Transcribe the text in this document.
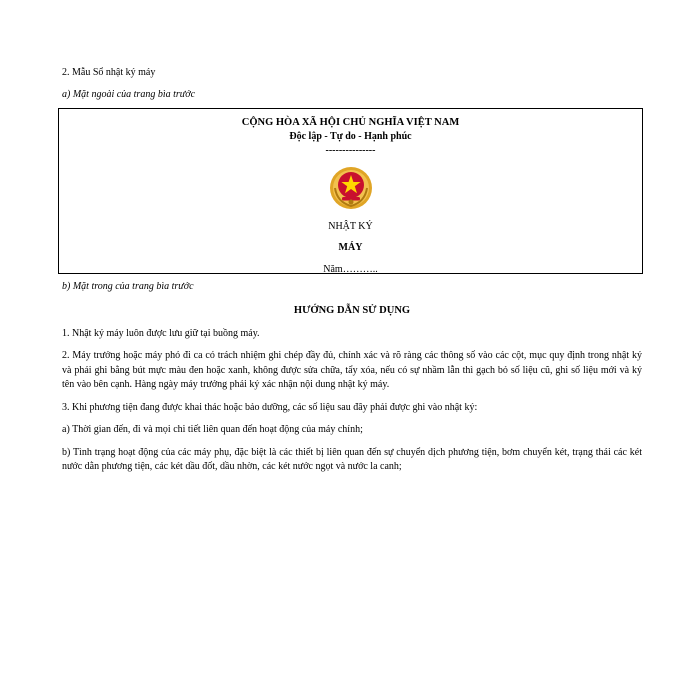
2. Mẫu Sổ nhật ký máy
a) Mặt ngoài của trang bìa trước
CỘNG HÒA XÃ HỘI CHỦ NGHĨA VIỆT NAM
Độc lập - Tự do - Hạnh phúc
---------------
NHẬT KÝ
MÁY
Năm………..
b) Mặt trong của trang bìa trước
HƯỚNG DẪN SỬ DỤNG
1. Nhật ký máy luôn được lưu giữ tại buồng máy.
2. Máy trưởng hoặc máy phó đi ca có trách nhiệm ghi chép đầy đủ, chính xác và rõ ràng các thông số vào các cột, mục quy định trong nhật ký và phải ghi bằng bút mực màu đen hoặc xanh, không được sửa chữa, tẩy xóa, nếu có sự nhầm lẫn thì gạch bỏ số liệu cũ, ghi số liệu mới và ký tên vào bên cạnh. Hàng ngày máy trưởng phải ký xác nhận nội dung nhật ký máy.
3. Khi phương tiện đang được khai thác hoặc bảo dưỡng, các số liệu sau đây phải được ghi vào nhật ký:
a) Thời gian đến, đi và mọi chi tiết liên quan đến hoạt động của máy chính;
b) Tình trạng hoạt động của các máy phụ, đặc biệt là các thiết bị liên quan đến sự chuyển dịch phương tiện, bơm chuyển két, trạng thái các két nước dằn phương tiện, các két dầu đốt, dầu nhờn, các két nước ngọt và nước la canh;
